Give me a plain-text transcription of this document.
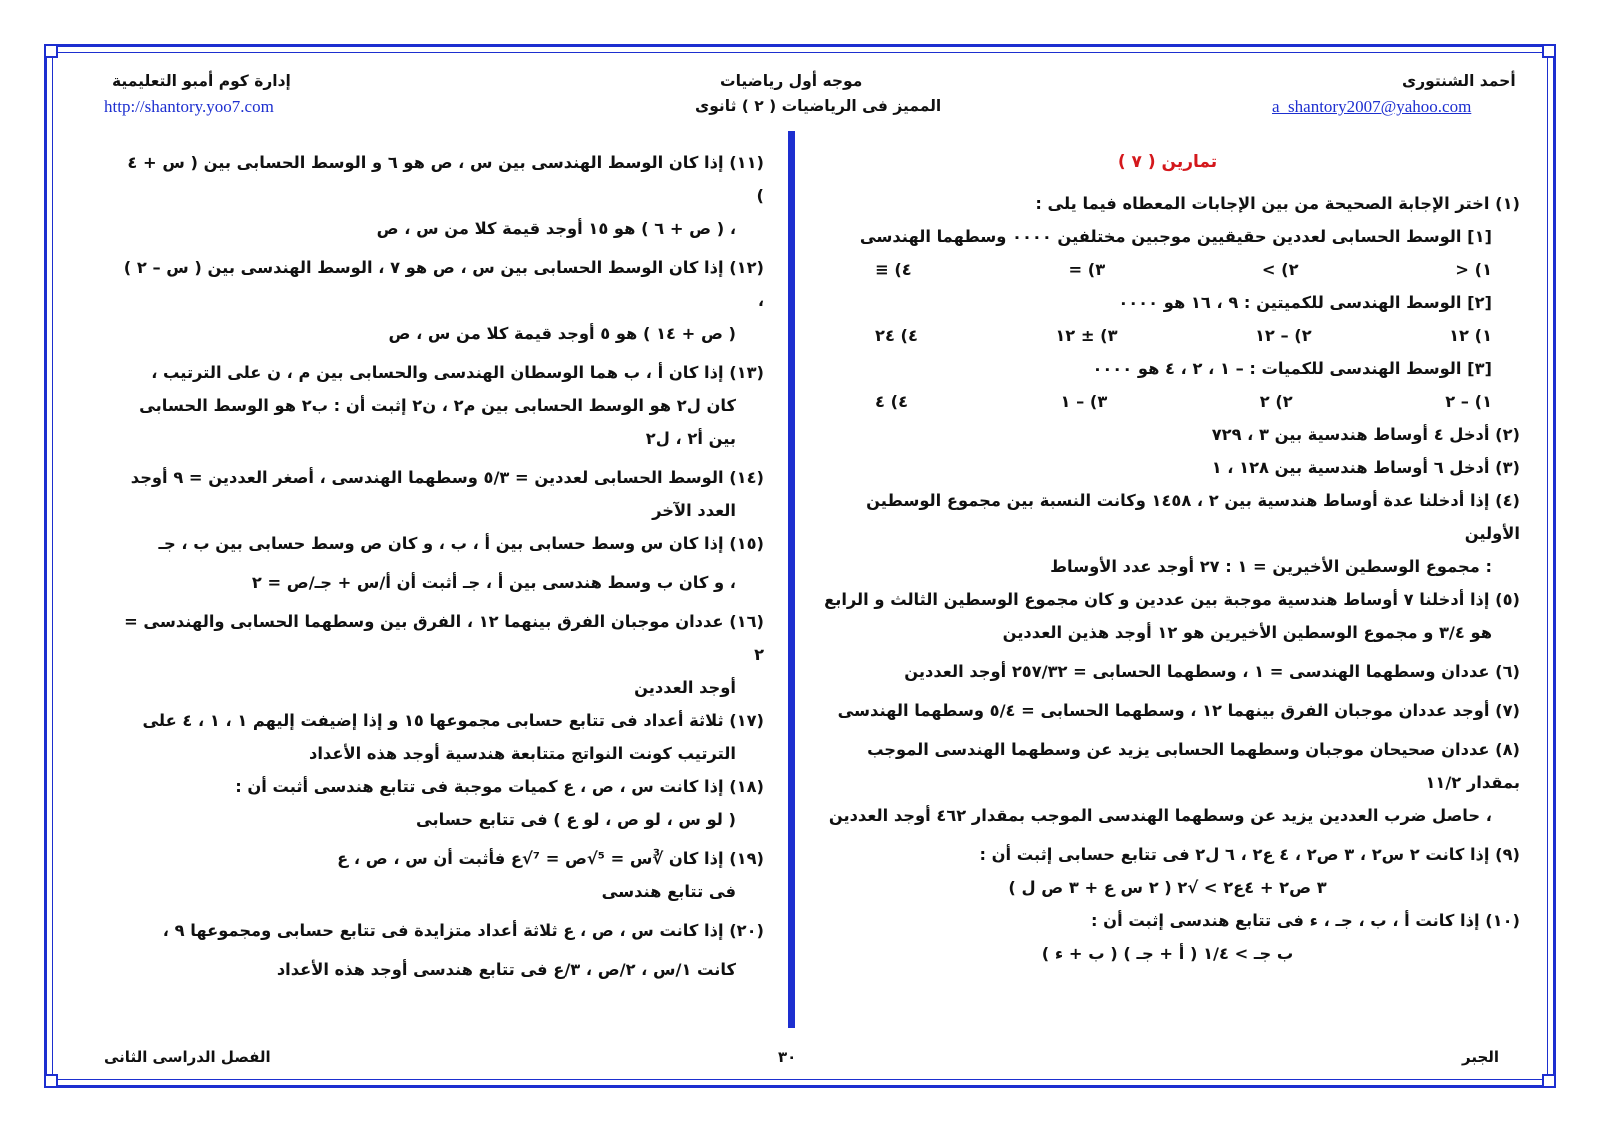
أحمد الشنتورى
a_shantory2007@yahoo.com
موجه أول رياضيات
المميز فى الرياضيات ( ٢ ) ثانوى
إدارة كوم أمبو التعليمية
http://shantory.yoo7.com

تمارين ( ٧ )

(١) اختر الإجابة الصحيحة من بين الإجابات المعطاه فيما يلى :

[١] الوسط الحسابى لعددين حقيقيين موجبين مختلفين ٠٠٠٠ وسطهما الهندسى

١) <
٢) >
٣) =
٤) ≡

[٢] الوسط الهندسى للكميتين : ٩ ، ١٦ هو ٠٠٠٠

١) ١٢
٢) – ١٢
٣) ± ١٢
٤) ٢٤

[٣] الوسط الهندسى للكميات : – ١ ، ٢ ، ٤ هو ٠٠٠٠

١) – ٢
٢) ٢
٣) – ١
٤) ٤

(٢) أدخل ٤ أوساط هندسية بين ٣ ، ٧٢٩

(٣) أدخل ٦ أوساط هندسية بين ١٢٨ ، ١

(٤) إذا أدخلنا عدة أوساط هندسية بين ٢ ، ١٤٥٨ وكانت النسبة بين مجموع الوسطين الأولين

: مجموع الوسطين الأخيرين = ١ : ٢٧ أوجد عدد الأوساط

(٥) إذا أدخلنا ٧ أوساط هندسية موجبة بين عددين و كان مجموع الوسطين الثالث و الرابع

هو ٣/٤ و مجموع الوسطين الأخيرين هو ١٢ أوجد هذين العددين

(٦) عددان وسطهما الهندسى = ١ ، وسطهما الحسابى = ٢٥٧/٣٢ أوجد العددين

(٧) أوجد عددان موجبان الفرق بينهما ١٢ ، وسطهما الحسابى = ٥/٤ وسطهما الهندسى

(٨) عددان صحيحان موجبان وسطهما الحسابى يزيد عن وسطهما الهندسى الموجب بمقدار ١١/٢

، حاصل ضرب العددين يزيد عن وسطهما الهندسى الموجب بمقدار ٤٦٢ أوجد العددين

(٩) إذا كانت ٢ س٢ ، ٣ ص٢ ، ٤ ع٢ ، ٦ ل٢ فى تتابع حسابى إثبت أن :

٣ ص٢ + ٤ع٢ > √٢ ( ٢ س ع + ٣ ص ل )

(١٠) إذا كانت ﺃ ، ب ، جـ ، ء فى تتابع هندسى إثبت أن :

ب جـ > ١/٤ ( ﺃ + جـ ) ( ب + ء )

(١١) إذا كان الوسط الهندسى بين س ، ص هو ٦ و الوسط الحسابى بين ( س + ٤ )

، ( ص + ٦ ) هو ١٥ أوجد قيمة كلا من س ، ص

(١٢) إذا كان الوسط الحسابى بين س ، ص هو ٧ ، الوسط الهندسى بين ( س – ٢ ) ،

( ص + ١٤ ) هو ٥ أوجد قيمة كلا من س ، ص

(١٣) إذا كان ﺃ ، ب هما الوسطان الهندسى والحسابى بين م ، ن على الترتيب ،

كان ل٢ هو الوسط الحسابى بين م٢ ، ن٢ إثبت أن : ب٢ هو الوسط الحسابى

بين ﺃ٢ ، ل٢

(١٤) الوسط الحسابى لعددين = ٥/٣ وسطهما الهندسى ، أصغر العددين = ٩ أوجد

العدد الآخر

(١٥) إذا كان س وسط حسابى بين ﺃ ، ب ، و كان ص وسط حسابى بين ب ، جـ

، و كان ب وسط هندسى بين ﺃ ، جـ أثبت أن ﺃ/س + جـ/ص = ٢

(١٦) عددان موجبان الفرق بينهما ١٢ ، الفرق بين وسطهما الحسابى والهندسى = ٢

أوجد العددين

(١٧) ثلاثة أعداد فى تتابع حسابى مجموعها ١٥ و إذا إضيفت إليهم ١ ، ١ ، ٤ على

الترتيب كونت النواتج متتابعة هندسية أوجد هذه الأعداد

(١٨) إذا كانت س ، ص ، ع كميات موجبة فى تتابع هندسى أثبت أن :

( لو س ، لو ص ، لو ع ) فى تتابع حسابى

(١٩) إذا كان ∛س = ⁵√ص = ⁷√ع فأثبت أن س ، ص ، ع

فى تتابع هندسى

(٢٠) إذا كانت س ، ص ، ع ثلاثة أعداد متزايدة فى تتابع حسابى ومجموعها ٩ ،

كانت ١/س ، ٢/ص ، ٣/ع فى تتابع هندسى أوجد هذه الأعداد

الجبر
٣٠
الفصل الدراسى الثانى
